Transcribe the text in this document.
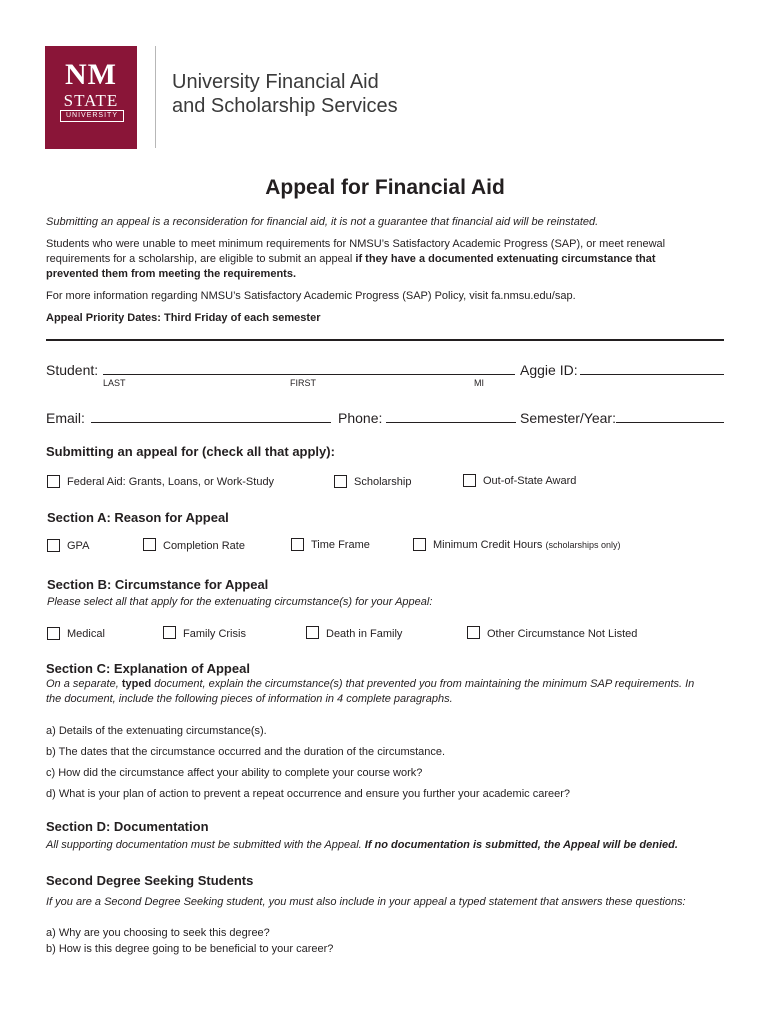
NM
STATE
UNIVERSITY
University Financial Aid
and Scholarship Services
Appeal for Financial Aid
Submitting an appeal is a reconsideration for financial aid, it is not a guarantee that financial aid will be reinstated.
Students who were unable to meet minimum requirements for NMSU’s Satisfactory Academic Progress (SAP), or meet renewal
requirements for a scholarship, are eligible to submit an appeal if they have a documented extenuating circumstance that
prevented them from meeting the requirements.
For more information regarding NMSU’s Satisfactory Academic Progress (SAP) Policy, visit fa.nmsu.edu/sap.
Appeal Priority Dates: Third Friday of each semester
Student:
LAST	FIRST	MI
Aggie ID:
Email:	Phone:	Semester/Year:
Submitting an appeal for (check all that apply):
Federal Aid: Grants, Loans, or Work-Study	Scholarship	Out-of-State Award
Section A: Reason for Appeal
GPA	Completion Rate	Time Frame	Minimum Credit Hours (scholarships only)
Section B: Circumstance for Appeal
Please select all that apply for the extenuating circumstance(s) for your Appeal:
Medical	Family Crisis	Death in Family	Other Circumstance Not Listed
Section C: Explanation of Appeal
On a separate, typed document, explain the circumstance(s) that prevented you from maintaining the minimum SAP requirements. In
the document, include the following pieces of information in 4 complete paragraphs.
a) Details of the extenuating circumstance(s).
b) The dates that the circumstance occurred and the duration of the circumstance.
c) How did the circumstance affect your ability to complete your course work?
d) What is your plan of action to prevent a repeat occurrence and ensure you further your academic career?
Section D: Documentation
All supporting documentation must be submitted with the Appeal. If no documentation is submitted, the Appeal will be denied.
Second Degree Seeking Students
If you are a Second Degree Seeking student, you must also include in your appeal a typed statement that answers these questions:
a) Why are you choosing to seek this degree?
b) How is this degree going to be beneficial to your career?
